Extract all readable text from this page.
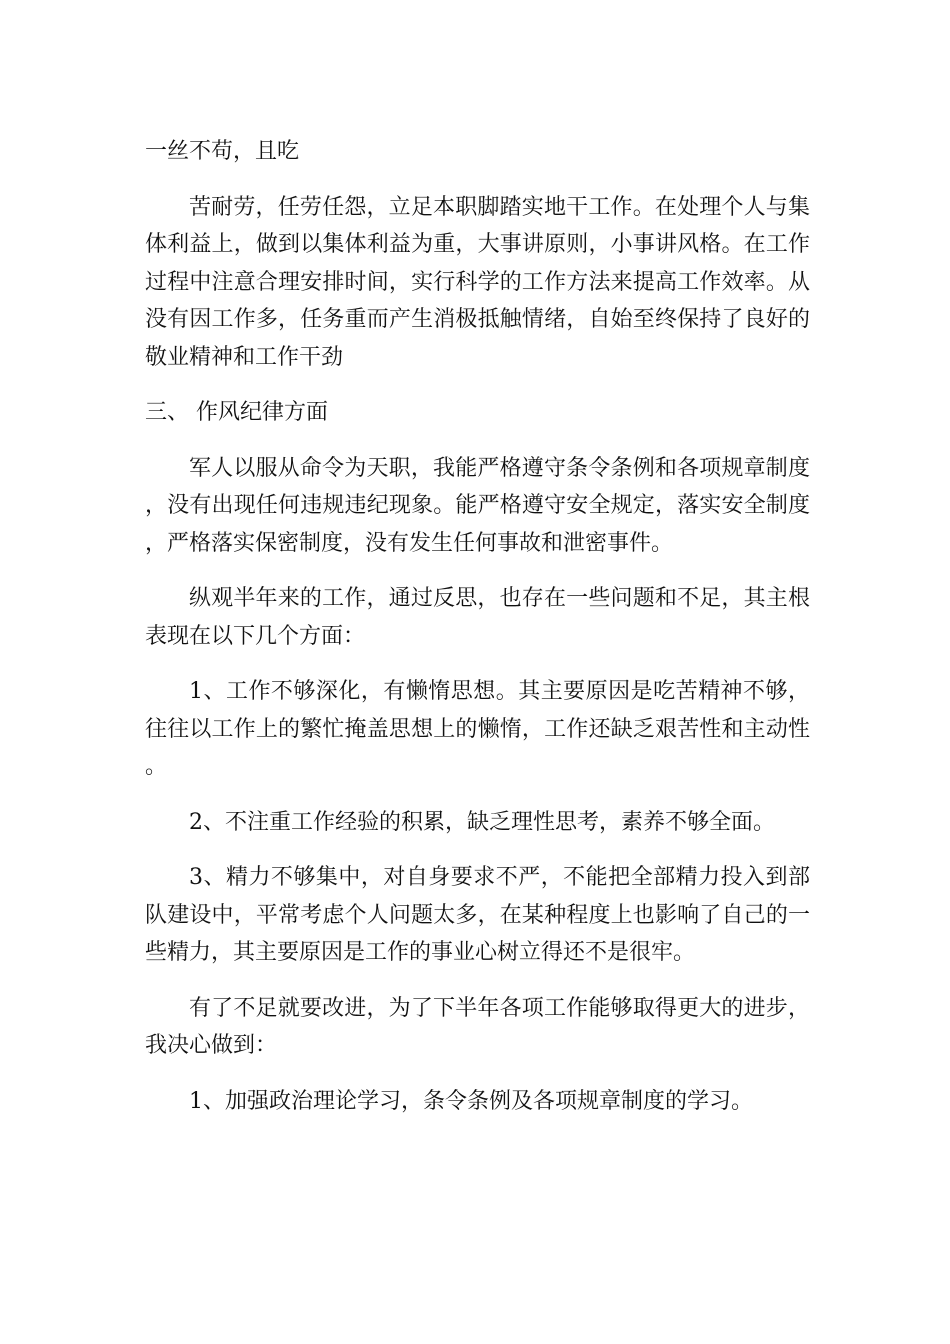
一丝不苟，且吃

苦耐劳，任劳任怨，立足本职脚踏实地干工作。在处理个人与集体利益上，做到以集体利益为重，大事讲原则，小事讲风格。在工作过程中注意合理安排时间，实行科学的工作方法来提高工作效率。从没有因工作多，任务重而产生消极抵触情绪，自始至终保持了良好的敬业精神和工作干劲

三、 作风纪律方面

军人以服从命令为天职，我能严格遵守条令条例和各项规章制度，没有出现任何违规违纪现象。能严格遵守安全规定，落实安全制度，严格落实保密制度，没有发生任何事故和泄密事件。

纵观半年来的工作，通过反思，也存在一些问题和不足，其主根表现在以下几个方面：

1、工作不够深化，有懒惰思想。其主要原因是吃苦精神不够，往往以工作上的繁忙掩盖思想上的懒惰，工作还缺乏艰苦性和主动性。

2、不注重工作经验的积累，缺乏理性思考，素养不够全面。

3、精力不够集中，对自身要求不严，不能把全部精力投入到部队建设中，平常考虑个人问题太多，在某种程度上也影响了自己的一些精力，其主要原因是工作的事业心树立得还不是很牢。

有了不足就要改进，为了下半年各项工作能够取得更大的进步，我决心做到：

1、加强政治理论学习，条令条例及各项规章制度的学习。
